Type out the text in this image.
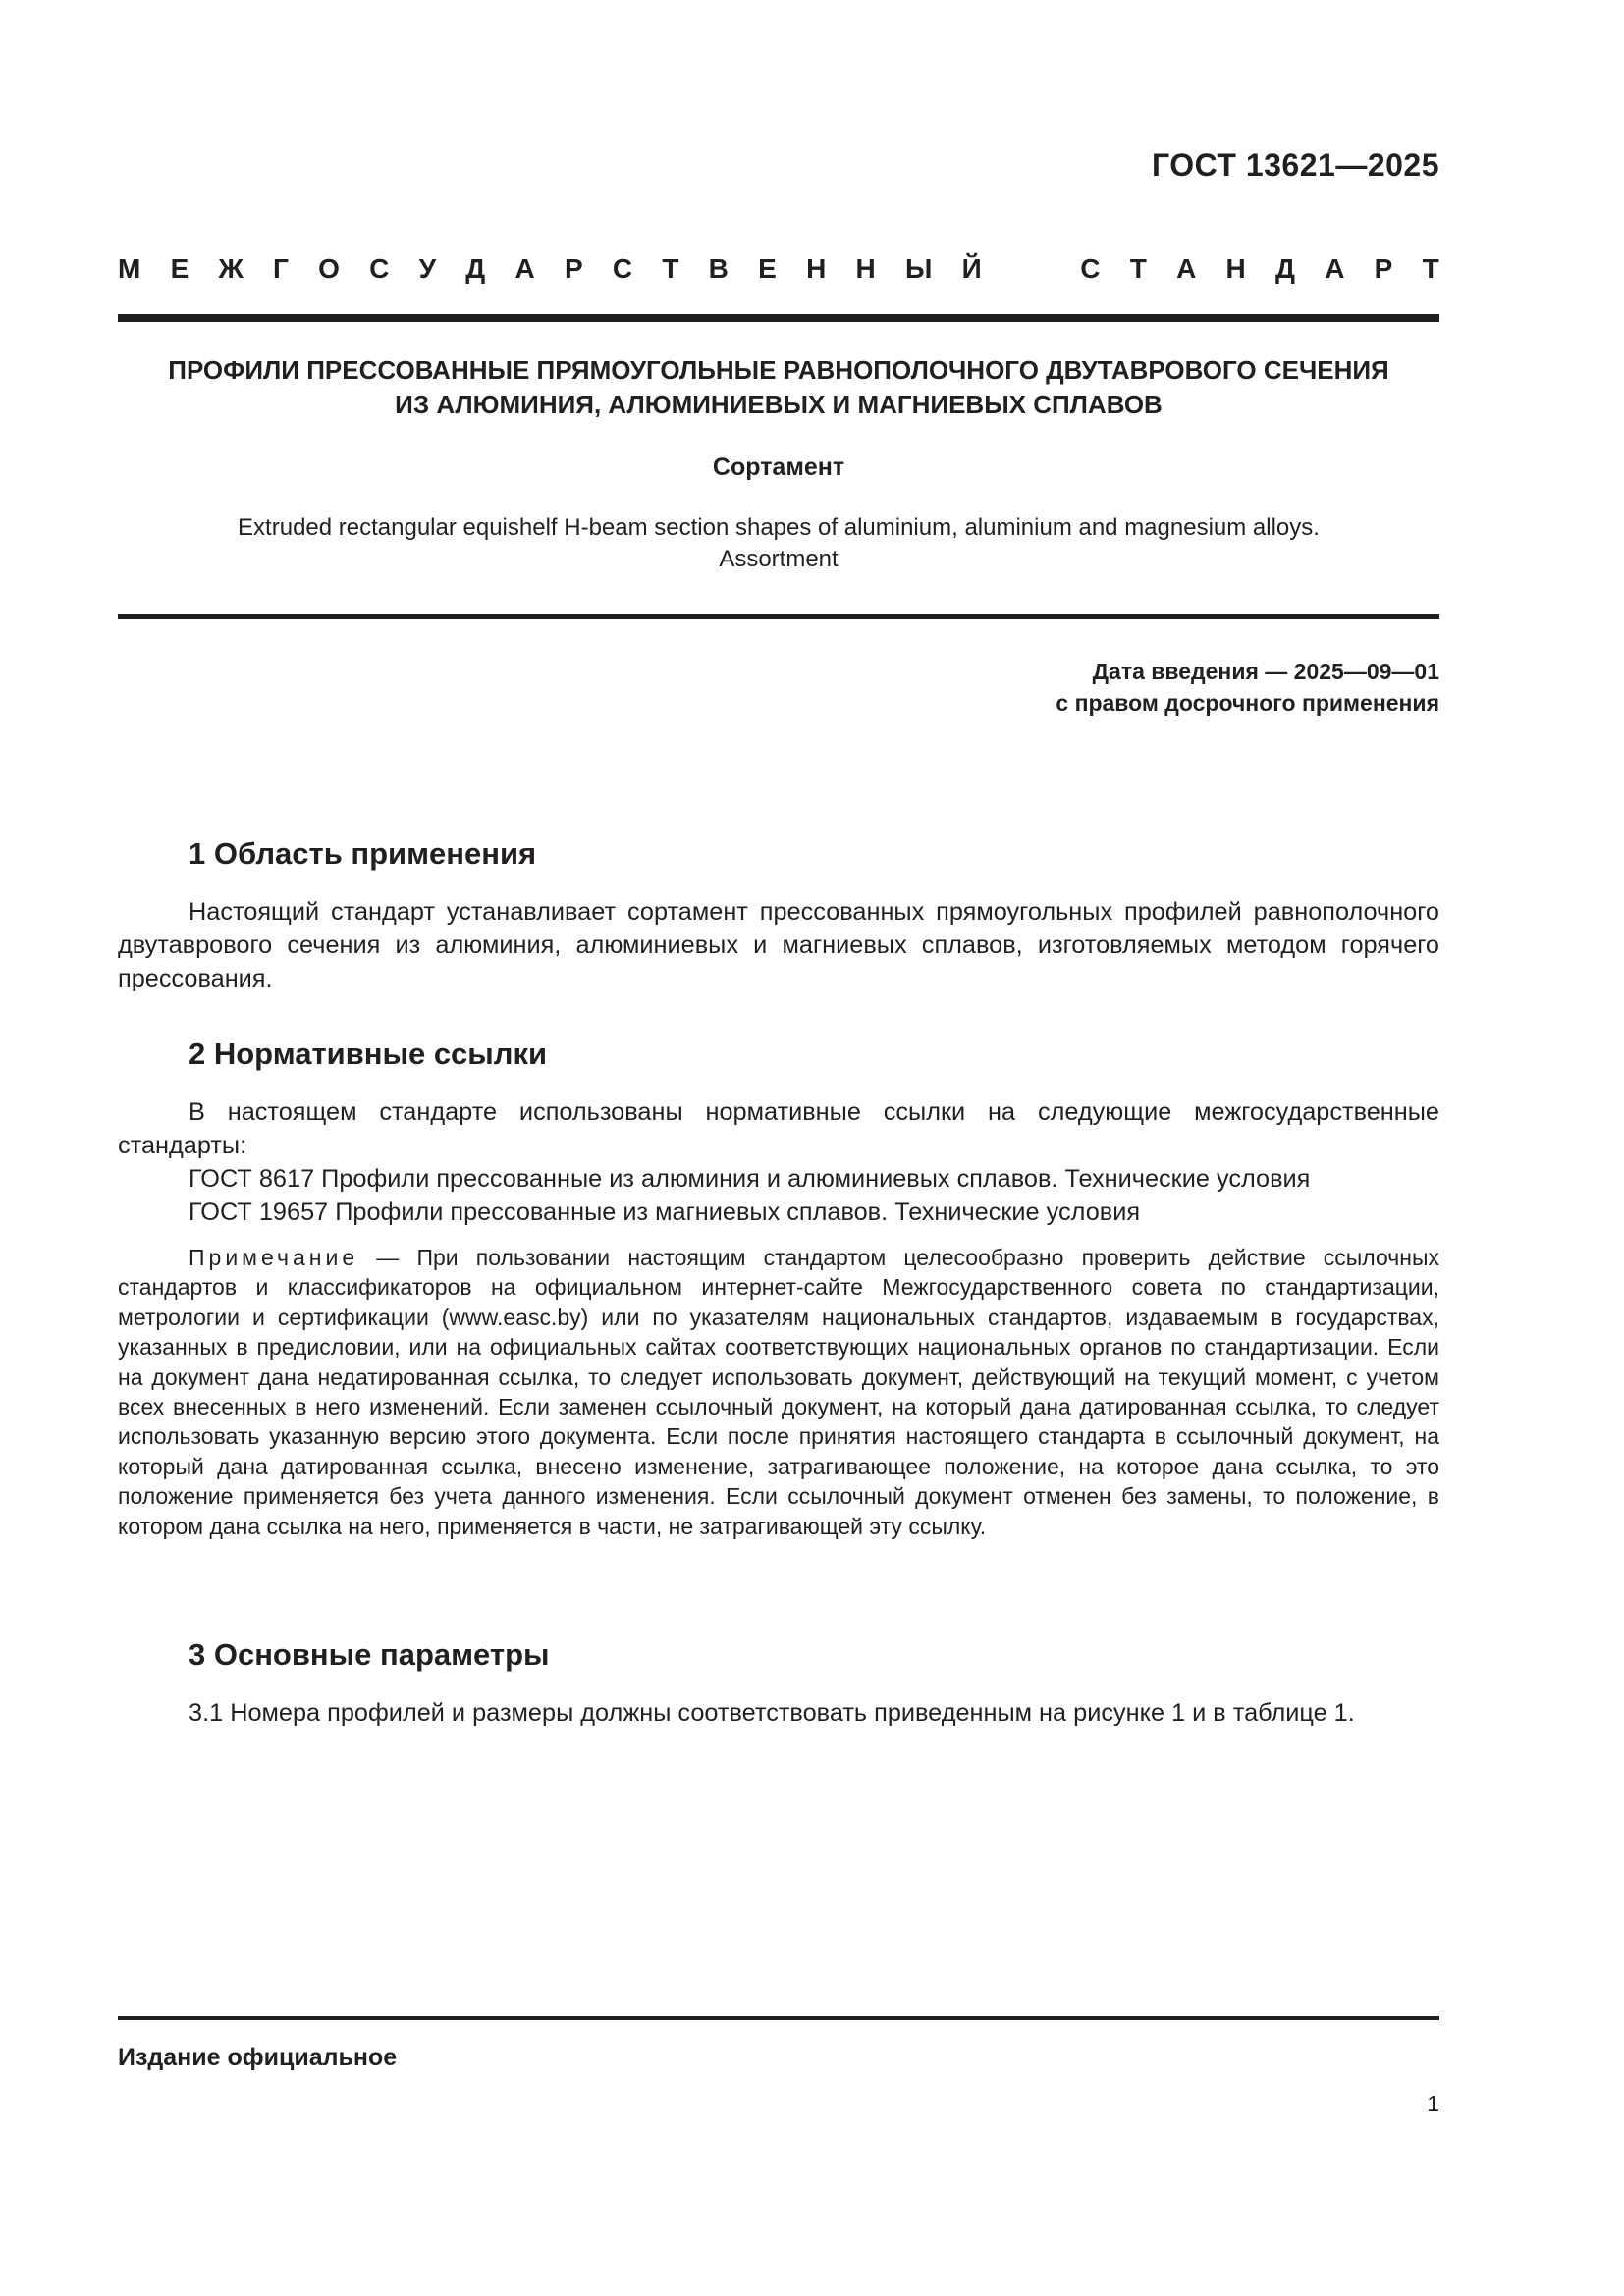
ГОСТ 13621—2025
М Е Ж Г О С У Д А Р С Т В Е Н Н Ы Й	С Т А Н Д А Р Т
ПРОФИЛИ ПРЕССОВАННЫЕ ПРЯМОУГОЛЬНЫЕ РАВНОПОЛОЧНОГО ДВУТАВРОВОГО СЕЧЕНИЯ
ИЗ АЛЮМИНИЯ, АЛЮМИНИЕВЫХ И МАГНИЕВЫХ СПЛАВОВ
Сортамент
Extruded rectangular equishelf H-beam section shapes of aluminium, aluminium and magnesium alloys.
Assortment
Дата введения — 2025—09—01
с правом досрочного применения
1 Область применения
Настоящий стандарт устанавливает сортамент прессованных прямоугольных профилей равнополочного двутаврового сечения из алюминия, алюминиевых и магниевых сплавов, изготовляемых методом горячего прессования.
2 Нормативные ссылки
В настоящем стандарте использованы нормативные ссылки на следующие межгосударственные стандарты:
ГОСТ 8617 Профили прессованные из алюминия и алюминиевых сплавов. Технические условия
ГОСТ 19657 Профили прессованные из магниевых сплавов. Технические условия
Примечание — При пользовании настоящим стандартом целесообразно проверить действие ссылочных стандартов и классификаторов на официальном интернет-сайте Межгосударственного совета по стандартизации, метрологии и сертификации (www.easc.by) или по указателям национальных стандартов, издаваемым в государствах, указанных в предисловии, или на официальных сайтах соответствующих национальных органов по стандартизации. Если на документ дана недатированная ссылка, то следует использовать документ, действующий на текущий момент, с учетом всех внесенных в него изменений. Если заменен ссылочный документ, на который дана датированная ссылка, то следует использовать указанную версию этого документа. Если после принятия настоящего стандарта в ссылочный документ, на который дана датированная ссылка, внесено изменение, затрагивающее положение, на которое дана ссылка, то это положение применяется без учета данного изменения. Если ссылочный документ отменен без замены, то положение, в котором дана ссылка на него, применяется в части, не затрагивающей эту ссылку.
3 Основные параметры
3.1 Номера профилей и размеры должны соответствовать приведенным на рисунке 1 и в таблице 1.
Издание официальное
1
